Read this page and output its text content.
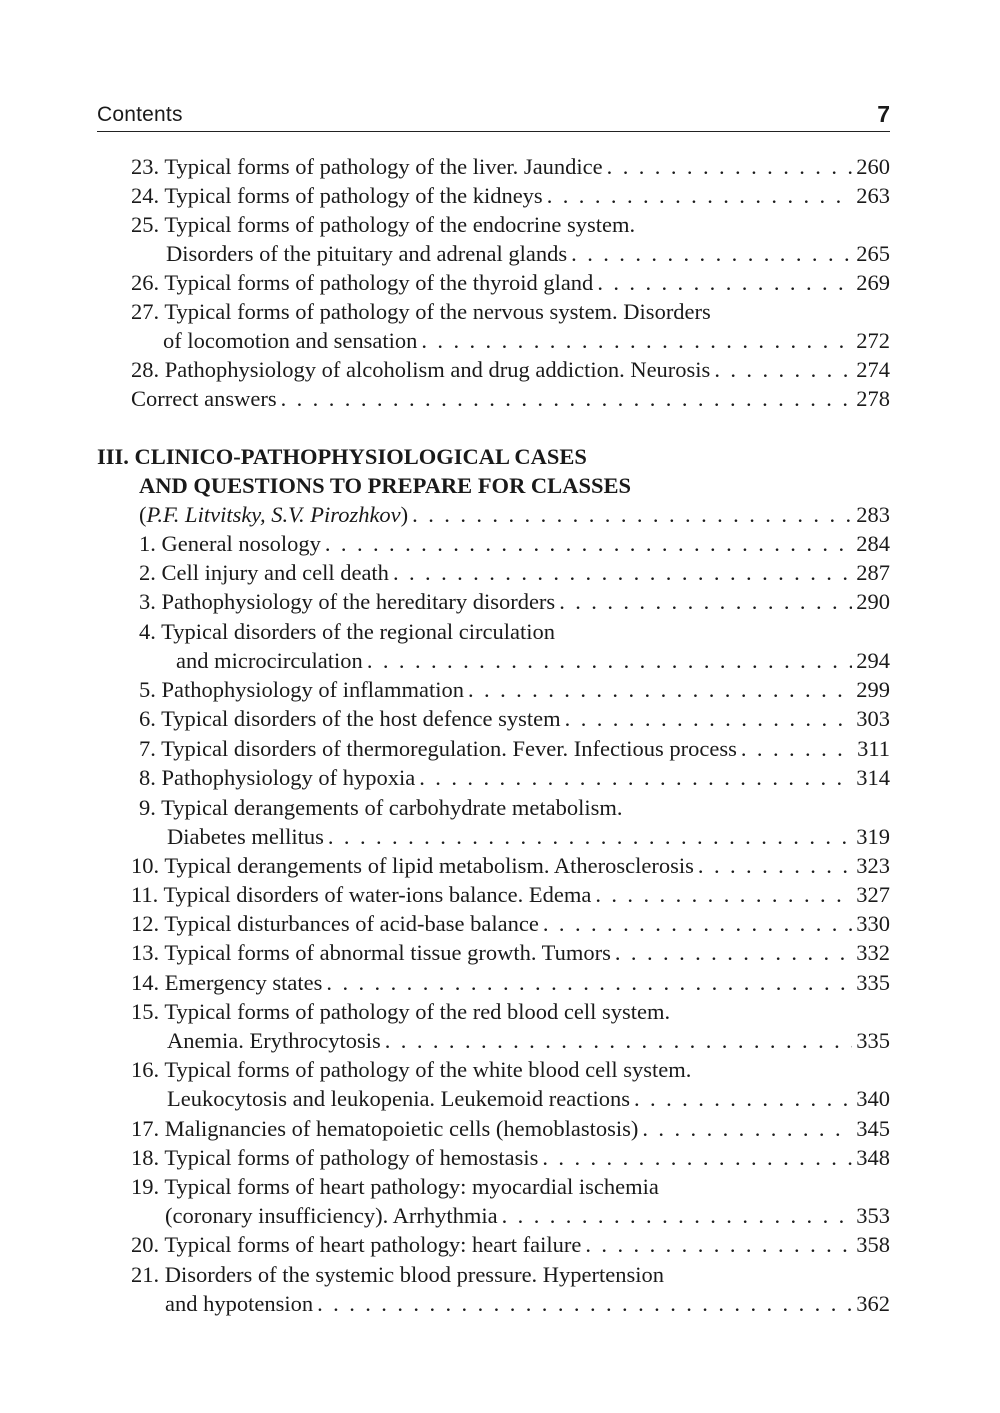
Contents	7
23. Typical forms of pathology of the liver. Jaundice . . .	260
24. Typical forms of pathology of the kidneys . . .	263
25. Typical forms of pathology of the endocrine system.
Disorders of the pituitary and adrenal glands . . .	265
26. Typical forms of pathology of the thyroid gland . . .	269
27. Typical forms of pathology of the nervous system. Disorders
of locomotion and sensation . . .	272
28. Pathophysiology of alcoholism and drug addiction. Neurosis . . .	274
Correct answers . . .	278
III. CLINICO-PATHOPHYSIOLOGICAL CASES
AND QUESTIONS TO PREPARE FOR CLASSES
(P.F. Litvitsky, S.V. Pirozhkov) . . .	283
1. General nosology . . .	284
2. Cell injury and cell death . . .	287
3. Pathophysiology of the hereditary disorders . . .	290
4. Typical disorders of the regional circulation
and microcirculation . . .	294
5. Pathophysiology of inflammation . . .	299
6. Typical disorders of the host defence system . . .	303
7. Typical disorders of thermoregulation. Fever. Infectious process . . .	311
8. Pathophysiology of hypoxia . . .	314
9. Typical derangements of carbohydrate metabolism.
Diabetes mellitus . . .	319
10. Typical derangements of lipid metabolism. Atherosclerosis . . .	323
11. Typical disorders of water-ions balance. Edema . . .	327
12. Typical disturbances of acid-base balance . . .	330
13. Typical forms of abnormal tissue growth. Tumors . . .	332
14. Emergency states . . .	335
15. Typical forms of pathology of the red blood cell system.
Anemia. Erythrocytosis . . .	335
16. Typical forms of pathology of the white blood cell system.
Leukocytosis and leukopenia. Leukemoid reactions . . .	340
17. Malignancies of hematopoietic cells (hemoblastosis) . . .	345
18. Typical forms of pathology of hemostasis . . .	348
19. Typical forms of heart pathology: myocardial ischemia
(coronary insufficiency). Arrhythmia . . .	353
20. Typical forms of heart pathology: heart failure . . .	358
21. Disorders of the systemic blood pressure. Hypertension
and hypotension . . .	362
